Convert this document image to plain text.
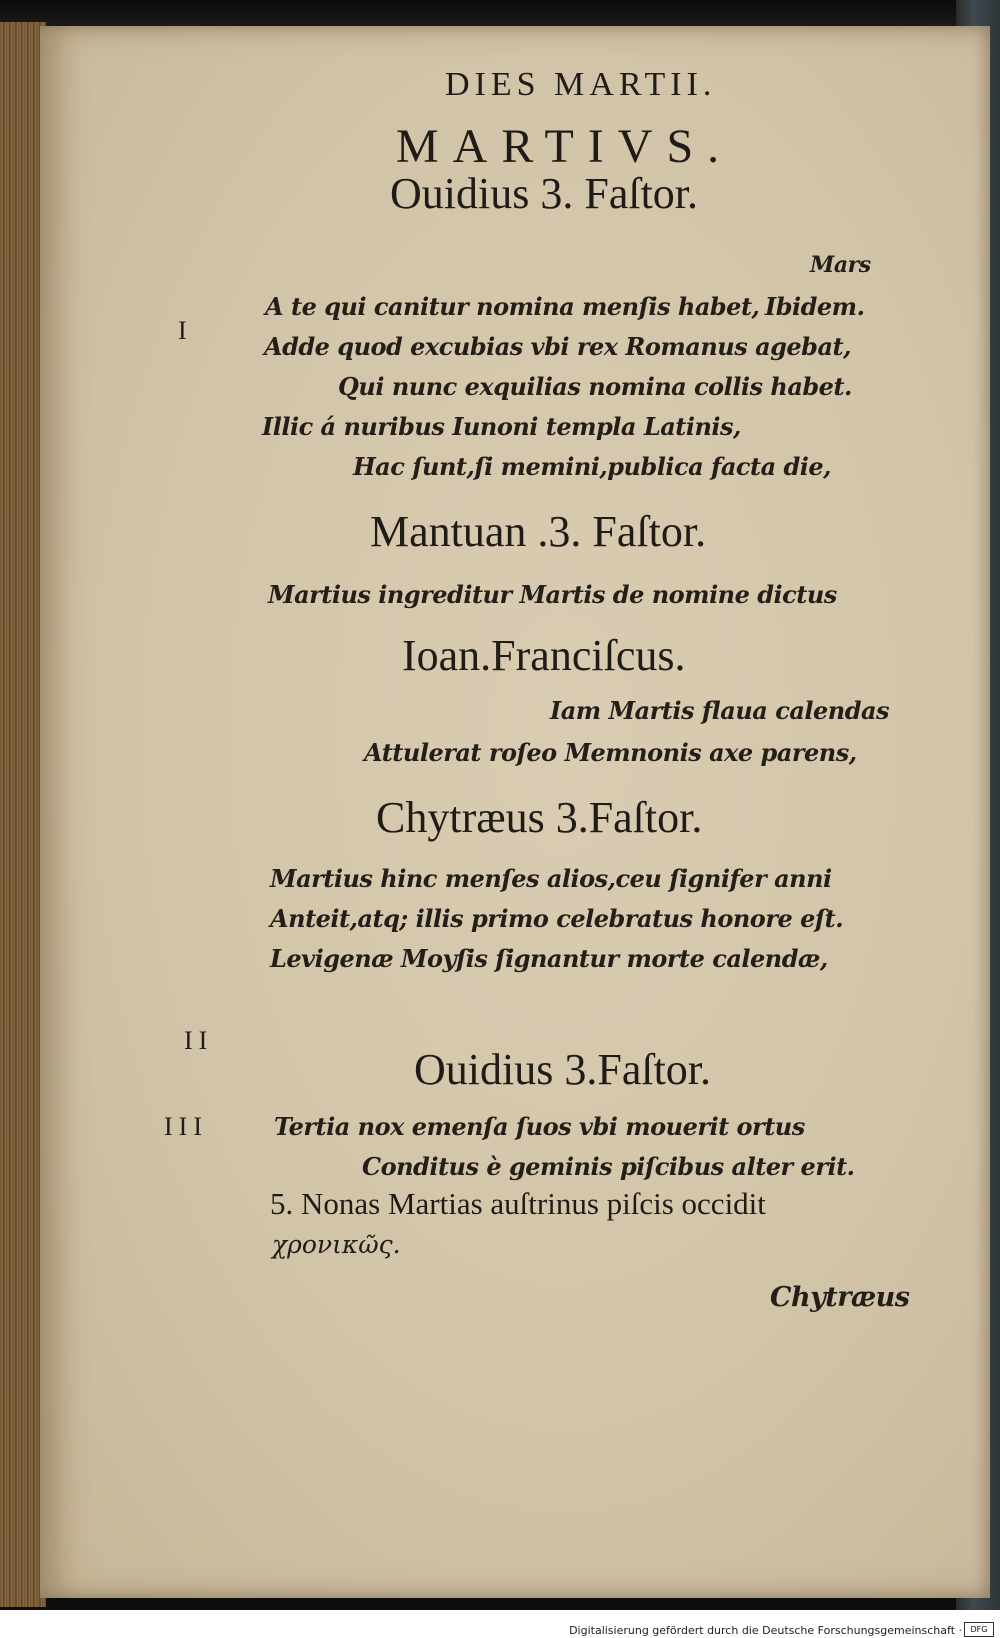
DIES MARTII.
MARTIVS.
Ouidius 3. Faſtor.
Mars
A te qui canitur nomina menſis habet, Ibidem.
I
Adde quod excubias vbi rex Romanus agebat,
Qui nunc exquilias nomina collis habet.
Illic á nuribus Iunoni templa Latinis,
Hac ſunt,ſi memini,publica facta die,
Mantuan .3. Faſtor.
Martius ingreditur Martis de nomine dictus
Ioan.Franciſcus.
Iam Martis flaua calendas
Attulerat roſeo Memnonis axe parens,
Chytræus 3.Faſtor.
Martius hinc menſes alios,ceu ſignifer anni
Anteit,atq; illis primo celebratus honore eſt.
Levigenæ Moyſis ſignantur morte calendæ,
II
Ouidius 3.Faſtor.
III	Tertia nox emenſa ſuos vbi mouerit ortus
Conditus è geminis piſcibus alter erit.
5. Nonas Martias auſtrinus piſcis occidit
χρονικῶς.
Chytræus
Digitalisierung gefördert durch die Deutsche Forschungsgemeinschaft ·	DFG
